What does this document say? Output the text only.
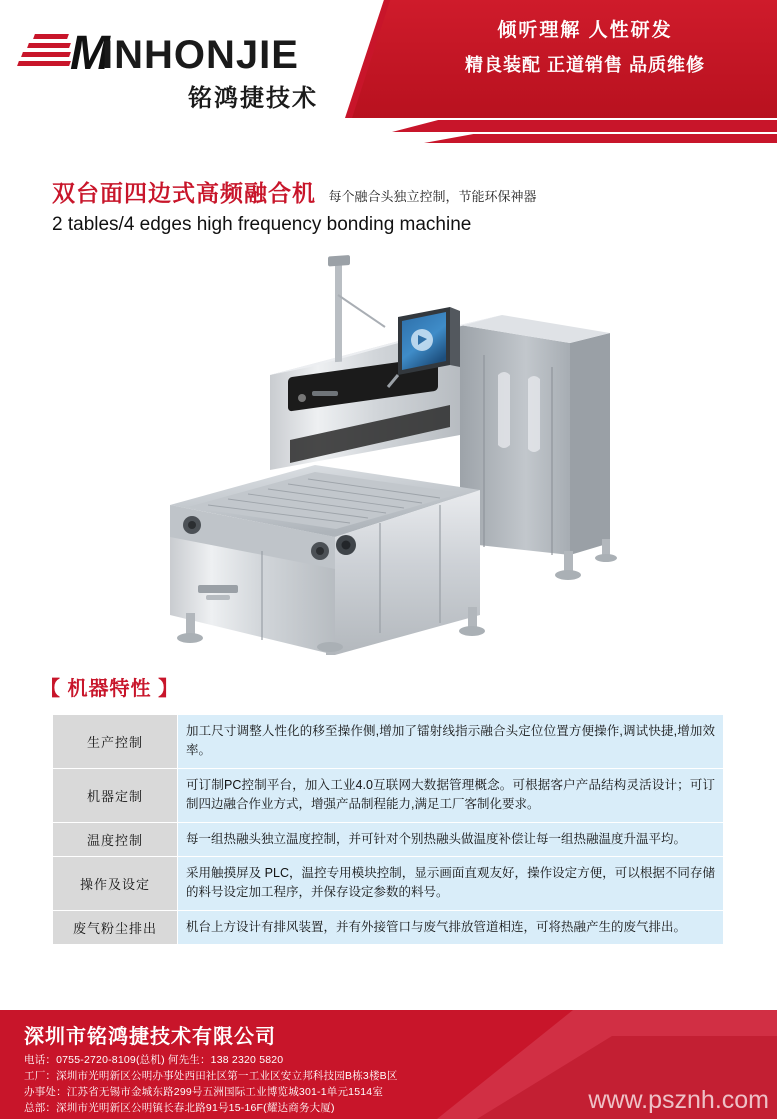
倾听理解 人性研发
精良装配 正道销售 品质维修
M
INHONJIE
铭鸿捷技术
双台面四边式高频融合机 每个融合头独立控制，节能环保神器
2 tables/4 edges high frequency bonding machine
【 机器特性 】
生产控制	加工尺寸调整人性化的移至操作侧,增加了镭射线指示融合头定位位置方便操作,调试快捷,增加效率。
机器定制	可订制PC控制平台，加入工业4.0互联网大数据管理概念。可根据客户产品结构灵活设计；可订制四边融合作业方式，增强产品制程能力,满足工厂客制化要求。
温度控制	每一组热融头独立温度控制，并可针对个别热融头做温度补偿让每一组热融温度升温平均。
操作及设定	采用触摸屏及 PLC，温控专用模块控制，显示画面直观友好，操作设定方便，可以根据不同存储的料号设定加工程序，并保存设定参数的料号。
废气粉尘排出	机台上方设计有排风装置，并有外接管口与废气排放管道相连，可将热融产生的废气排出。
深圳市铭鸿捷技术有限公司
电话：0755-2720-8109(总机) 何先生：138 2320 5820
工厂：深圳市光明新区公明办事处西田社区第一工业区安立邦科技园B栋3楼B区
办事处：江苏省无锡市金城东路299号五洲国际工业博览城301-1单元1514室
总部：深圳市光明新区公明镇长春北路91号15-16F(耀达商务大厦)	www.psznh.com
